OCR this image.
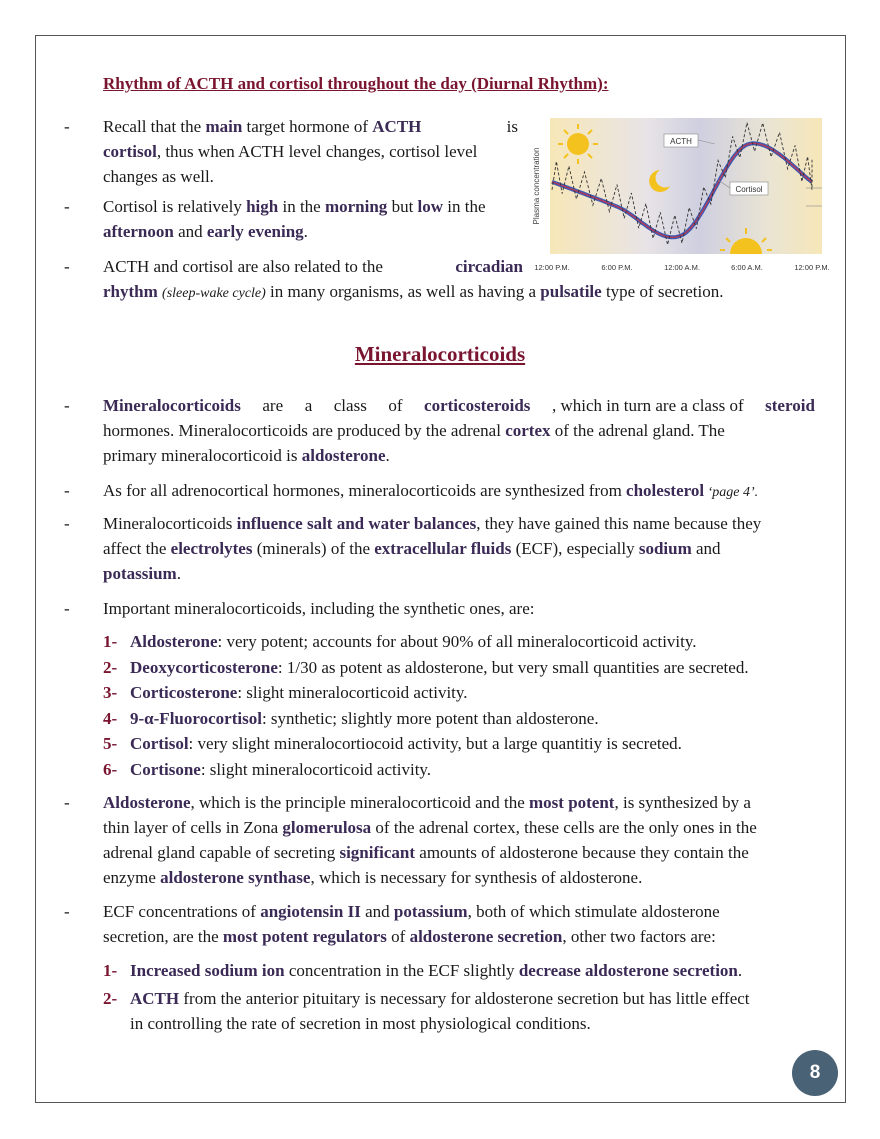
Rhythm of ACTH and cortisol throughout the day (Diurnal Rhythm):
- Recall that the main target hormone of ACTH	is
cortisol, thus when ACTH level changes, cortisol level
changes as well.
- Cortisol is relatively high in the morning but low in the
afternoon and early evening.
- ACTH and cortisol are also related to the	circadian
rhythm (sleep-wake cycle) in many organisms, as well as having a pulsatile type of secretion.
Plasma concentration
12:00 P.M.	6:00 P.M.	12:00 A.M.	6:00 A.M.	12:00 P.M.
ACTH
Cortisol
Mineralocorticoids
- Mineralocorticoids are a class of corticosteroids , which in turn are a class of steroid
hormones. Mineralocorticoids are produced by the adrenal cortex of the adrenal gland. The
primary mineralocorticoid is aldosterone.
- As for all adrenocortical hormones, mineralocorticoids are synthesized from cholesterol ‘page 4’.
- Mineralocorticoids influence salt and water balances, they have gained this name because they
affect the electrolytes (minerals) of the extracellular fluids (ECF), especially sodium and
potassium.
- Important mineralocorticoids, including the synthetic ones, are:
1- Aldosterone: very potent; accounts for about 90% of all mineralocorticoid activity.
2- Deoxycorticosterone: 1/30 as potent as aldosterone, but very small quantities are secreted.
3- Corticosterone: slight mineralocorticoid activity.
4- 9-α-Fluorocortisol: synthetic; slightly more potent than aldosterone.
5- Cortisol: very slight mineralocortiocoid activity, but a large quantitiy is secreted.
6- Cortisone: slight mineralocorticoid activity.
- Aldosterone, which is the principle mineralocorticoid and the most potent, is synthesized by a
thin layer of cells in Zona glomerulosa of the adrenal cortex, these cells are the only ones in the
adrenal gland capable of secreting significant amounts of aldosterone because they contain the
enzyme aldosterone synthase, which is necessary for synthesis of aldosterone.
- ECF concentrations of angiotensin II and potassium, both of which stimulate aldosterone
secretion, are the most potent regulators of aldosterone secretion, other two factors are:
1- Increased sodium ion concentration in the ECF slightly decrease aldosterone secretion.
2- ACTH from the anterior pituitary is necessary for aldosterone secretion but has little effect
in controlling the rate of secretion in most physiological conditions.
8
